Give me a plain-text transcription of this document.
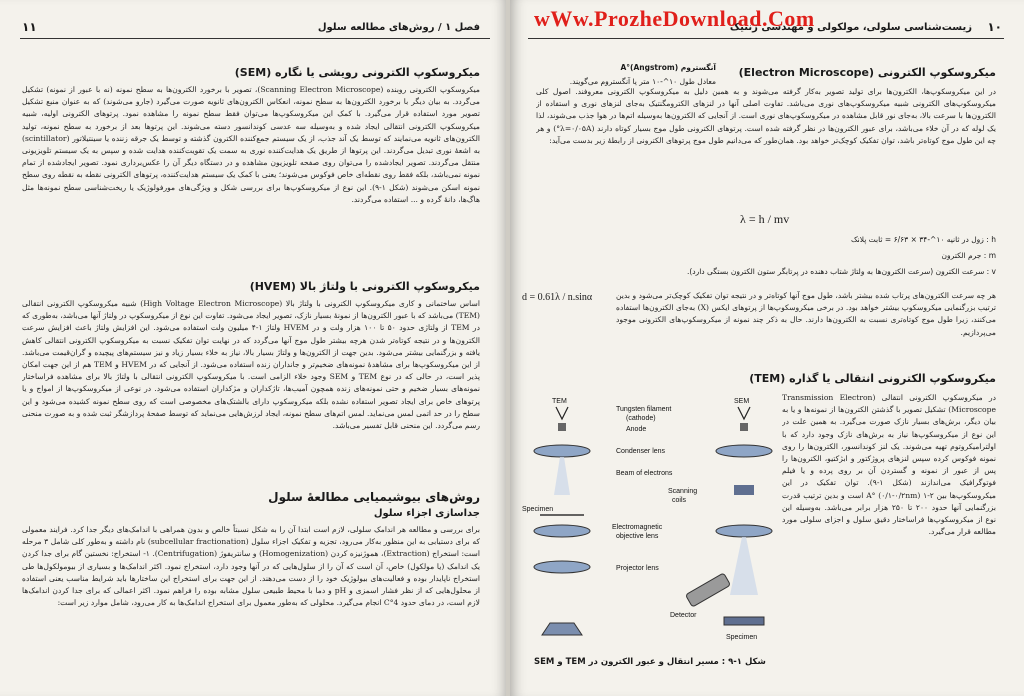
۱۱	فصل ۱ / روش‌های مطالعه سلول
میکروسکوپ الکترونی رویشی یا نگاره (SEM)
میکروسکوپ الکترونی روبنده (Scanning Electron Microscope)، تصویر با برخورد الکترون‌ها به سطح نمونه (نه با عبور از نمونه) تشکیل می‌گردد. به بیان دیگر با برخورد الکترون‌ها به سطح نمونه، انعکاس الکترون‌های ثانویه صورت می‌گیرد (جارو می‌شوند) که به عنوان منبع تشکیل تصویر مورد استفاده قرار می‌گیرد. با کمک این میکروسکوپ‌ها می‌توان فقط سطح نمونه را مشاهده نمود. پرتوهای الکترونی اولیه، شبیه میکروسکوپ الکترونی انتقالی ایجاد شده و به‌وسیله سه عدسی کوندانسور دسته می‌شوند. این پرتوها بعد از برخورد به سطح نمونه، تولید الکترون‌های ثانویه می‌نمایند که توسط یک آند جذب، از یک سیستم جمع‌کننده الکترون گذشته و توسط یک جرقه زننده یا سینتیلاتور (scintillator) به اشعهٔ نوری تبدیل می‌گردند. این پرتوها از طریق یک هدایت‌کننده نوری به سمت یک تقویت‌کننده هدایت شده و سپس به یک سیستم تلویزیونی منتقل می‌گردند. تصویر ایجادشده را می‌توان روی صفحه تلویزیون مشاهده و در دستگاه دیگر آن را عکس‌برداری نمود. تصویر ایجادشده از تمام نمونه نمی‌باشد، بلکه فقط روی نقطه‌ای خاص فوکوس می‌شوند؛ یعنی با کمک یک سیستم هدایت‌کننده، پرتوهای الکترونی نقطه به نقطه روی سطح نمونه اسکن می‌شوند (شکل ۱-۹). این نوع از میکروسکوپ‌ها برای بررسی شکل و ویژگی‌های مورفولوژیک یا ریخت‌شناسی سطح نمونه‌ها مثل هاگ‌ها، دانهٔ گرده و ... استفاده می‌گردند.
میکروسکوپ الکترونی با ولتاژ بالا (HVEM)
اساس ساختمانی و کاری میکروسکوپ الکترونی با ولتاژ بالا (High Voltage Electron Microscope) شبیه میکروسکوپ الکترونی انتقالی (TEM) می‌باشد که با عبور الکترون‌ها از نمونهٔ بسیار نازک، تصویر ایجاد می‌شود. تفاوت این نوع از میکروسکوپ در ولتاژ آنها می‌باشد، به‌طوری که در TEM از ولتاژی حدود ۵۰ تا ۱۰۰ هزار ولت و در HVEM ولتاژ ۱-۴ میلیون ولت استفاده می‌شود. این افزایش ولتاژ باعث افزایش سرعت الکترون‌ها و در نتیجه کوتاه‌تر شدن هرچه بیشتر طول موج آنها می‌گردد که در نهایت توان تفکیک نسبت به میکروسکوپ الکترونی انتقالی کاهش یافته و بزرگنمایی بیشتر می‌شود. بدین جهت از الکترون‌ها و ولتاژ بسیار بالا، نیاز به خلاء بسیار زیاد و نیز سیستم‌های پیچیده و گران‌قیمت می‌باشد. از این میکروسکوپ‌ها برای مشاهدهٔ نمونه‌های ضخیم‌تر و جانداران زنده استفاده می‌شود. از آنجایی که در HVEM و TEM هم از این جهت امکان پذیر است، در حالی که در نوع TEM و SEM وجود خلاء الزامی است. با میکروسکوپ الکترونی انتقالی با ولتاژ بالا برای مشاهده فراساختار نمونه‌های بسیار ضخیم و حتی نمونه‌های زنده همچون آمیب‌ها، تاژکداران و مژکداران استفاده می‌شود. در نوعی از میکروسکوپ‌ها از امواج و یا پرتوهای خاص برای ایجاد تصویر استفاده نشده بلکه میکروسکوپ دارای بالشتک‌های مخصوصی است که روی سطح نمونه کشیده می‌شود و این سطح را در حد اتمی لمس می‌نماید. لمس اتم‌های سطح نمونه، ایجاد لرزش‌هایی می‌نماید که توسط صفحهٔ پردازشگر ثبت شده و به صورت منحنی رسم می‌گردد. این منحنی قابل تفسیر می‌باشد.
روش‌های بیوشیمیایی مطالعهٔ سلول
جداسازی اجزاء سلول
برای بررسی و مطالعه هر اندامک سلولی، لازم است ابتدا آن را به شکل نسبتاً خالص و بدون همراهی با اندامک‌های دیگر جدا کرد. فرایند معمولی که برای دستیابی به این منظور به‌کار می‌رود، تجزیه و تفکیک اجزاء سلول (subcellular fractionation) نام داشته و به‌طور کلی شامل ۳ مرحله است: استخراج (Extraction)، هموژنیزه کردن (Homogenization) و سانتریفوژ (Centrifugation). ۱- استخراج: نخستین گام برای جدا کردن یک اندامک (یا مولکول) خاص، آن است که آن را از سلول‌هایی که در آنها وجود دارد، استخراج نمود. اکثر اندامک‌ها و بسیاری از بیومولکول‌ها طی استخراج ناپایدار بوده و فعالیت‌های بیولوژیک خود را از دست می‌دهند. از این جهت برای استخراج این ساختارها باید شرایط مناسب یعنی استفاده از محلول‌هایی که از نظر فشار اسمزی و pH و دما با محیط طبیعی سلول مشابه بوده را فراهم نمود. اکثر اعمالی که برای جدا کردن اندامک‌ها لازم است، در دمای حدود 4°C انجام می‌گیرد. محلولی که به‌طور معمول برای استخراج اندامک‌ها به کار می‌رود، شامل موارد زیر است:
۱۰
زیست‌شناسی سلولی، مولکولی و مهندسی ژنتیک
آنگستروم (A°(Angstrom
معادل طول ۱۰^-۱۰ متر یا آنگستروم می‌گویند.
میکروسکوپ الکترونی (Electron Microscope)
در این میکروسکوپ‌ها، الکترون‌ها برای تولید تصویر به‌کار گرفته می‌شوند و به همین دلیل به میکروسکوپ الکترونی معروفند. اصول کلی میکروسکوپ‌های الکترونی شبیه میکروسکوپ‌های نوری می‌باشد. تفاوت اصلی آنها در لنزهای الکترومگنتیک به‌جای لنزهای نوری و استفاده از الکترون‌ها با سرعت بالا، به‌جای نور قابل مشاهده در میکروسکوپ‌های نوری است. از آنجایی که الکترون‌ها به‌وسیله اتم‌ها در هوا جذب می‌شوند، لذا یک لوله که در آن خلاء می‌باشد، برای عبور الکترون‌ها در نظر گرفته شده است. پرتوهای الکترونی طول موج بسیار کوتاه دارند (λ=۰/۰۵A°) و هر چه این طول موج کوتاه‌تر باشد، توان تفکیک کوچک‌تر خواهد بود. همان‌طور که می‌دانیم طول موج پرتوهای الکترونی از رابطهٔ زیر بدست می‌آید:
λ = h / mv
h : زول در ثانیه ۱۰^-۳۴ × ۶/۶۳ = ثابت پلانک
m : جرم الکترون
v : سرعت الکترون (سرعت الکترون‌ها به ولتاژ شتاب دهنده در پرتابگر ستون الکترون بستگی دارد).
d = 0.61λ / n.sinα	هر چه سرعت الکترون‌های پرتاب شده بیشتر باشد، طول موج آنها کوتاه‌تر و در نتیجه توان تفکیک کوچک‌تر می‌شود و بدین ترتیب بزرگنمایی میکروسکوپ بیشتر خواهد بود. در برخی میکروسکوپ‌ها از پرتوهای ایکس (X) به‌جای الکترون‌ها استفاده می‌کنند، زیرا طول موج کوتاه‌تری نسبت به الکترون‌ها دارند. حال به ذکر چند نمونه از میکروسکوپ‌های الکترونی موجود می‌پردازیم.
میکروسکوپ الکترونی انتقالی یا گذاره (TEM)
در میکروسکوپ الکترونی انتقالی (Transmission Electron Microscope) تشکیل تصویر با گذشتن الکترون‌ها از نمونه‌ها و یا به بیان دیگر، برش‌های بسیار نازک صورت می‌گیرد. به همین علت در این نوع از میکروسکوپ‌ها نیاز به برش‌های نازک وجود دارد که با اولترامیکروتوم تهیه می‌شوند. یک لنز کوندانسور، الکترون‌ها را روی نمونه فوکوس کرده سپس لنزهای پروژکتور و ابژکتیو، الکترون‌ها را پس از عبور از نمونه و گستردن آن بر روی پرده و یا فیلم فوتوگرافیک می‌اندازند (شکل ۱-۹). توان تفکیک در این میکروسکوپ‌ها بین ۲-۱ A° (۰/۱-۰/۲nm) است و بدین ترتیب قدرت بزرگنمایی آنها حدود ۲۰۰ تا ۲۵۰ هزار برابر می‌باشد. به‌وسیله این نوع از میکروسکوپ‌ها فراساختار دقیق سلول و اجزای سلولی مورد مطالعه قرار می‌گیرد.
wWw.ProzheDownload.Com
TEM	SEM
Tungsten filament
(cathode)
Anode
Condenser lens
Beam of electrons
Scanning
coils
Specimen
Electromagnetic
objective lens
Projector lens
Detector
Specimen
شکل ۱-۹ : مسیر انتقال و عبور الکترون در TEM و SEM
